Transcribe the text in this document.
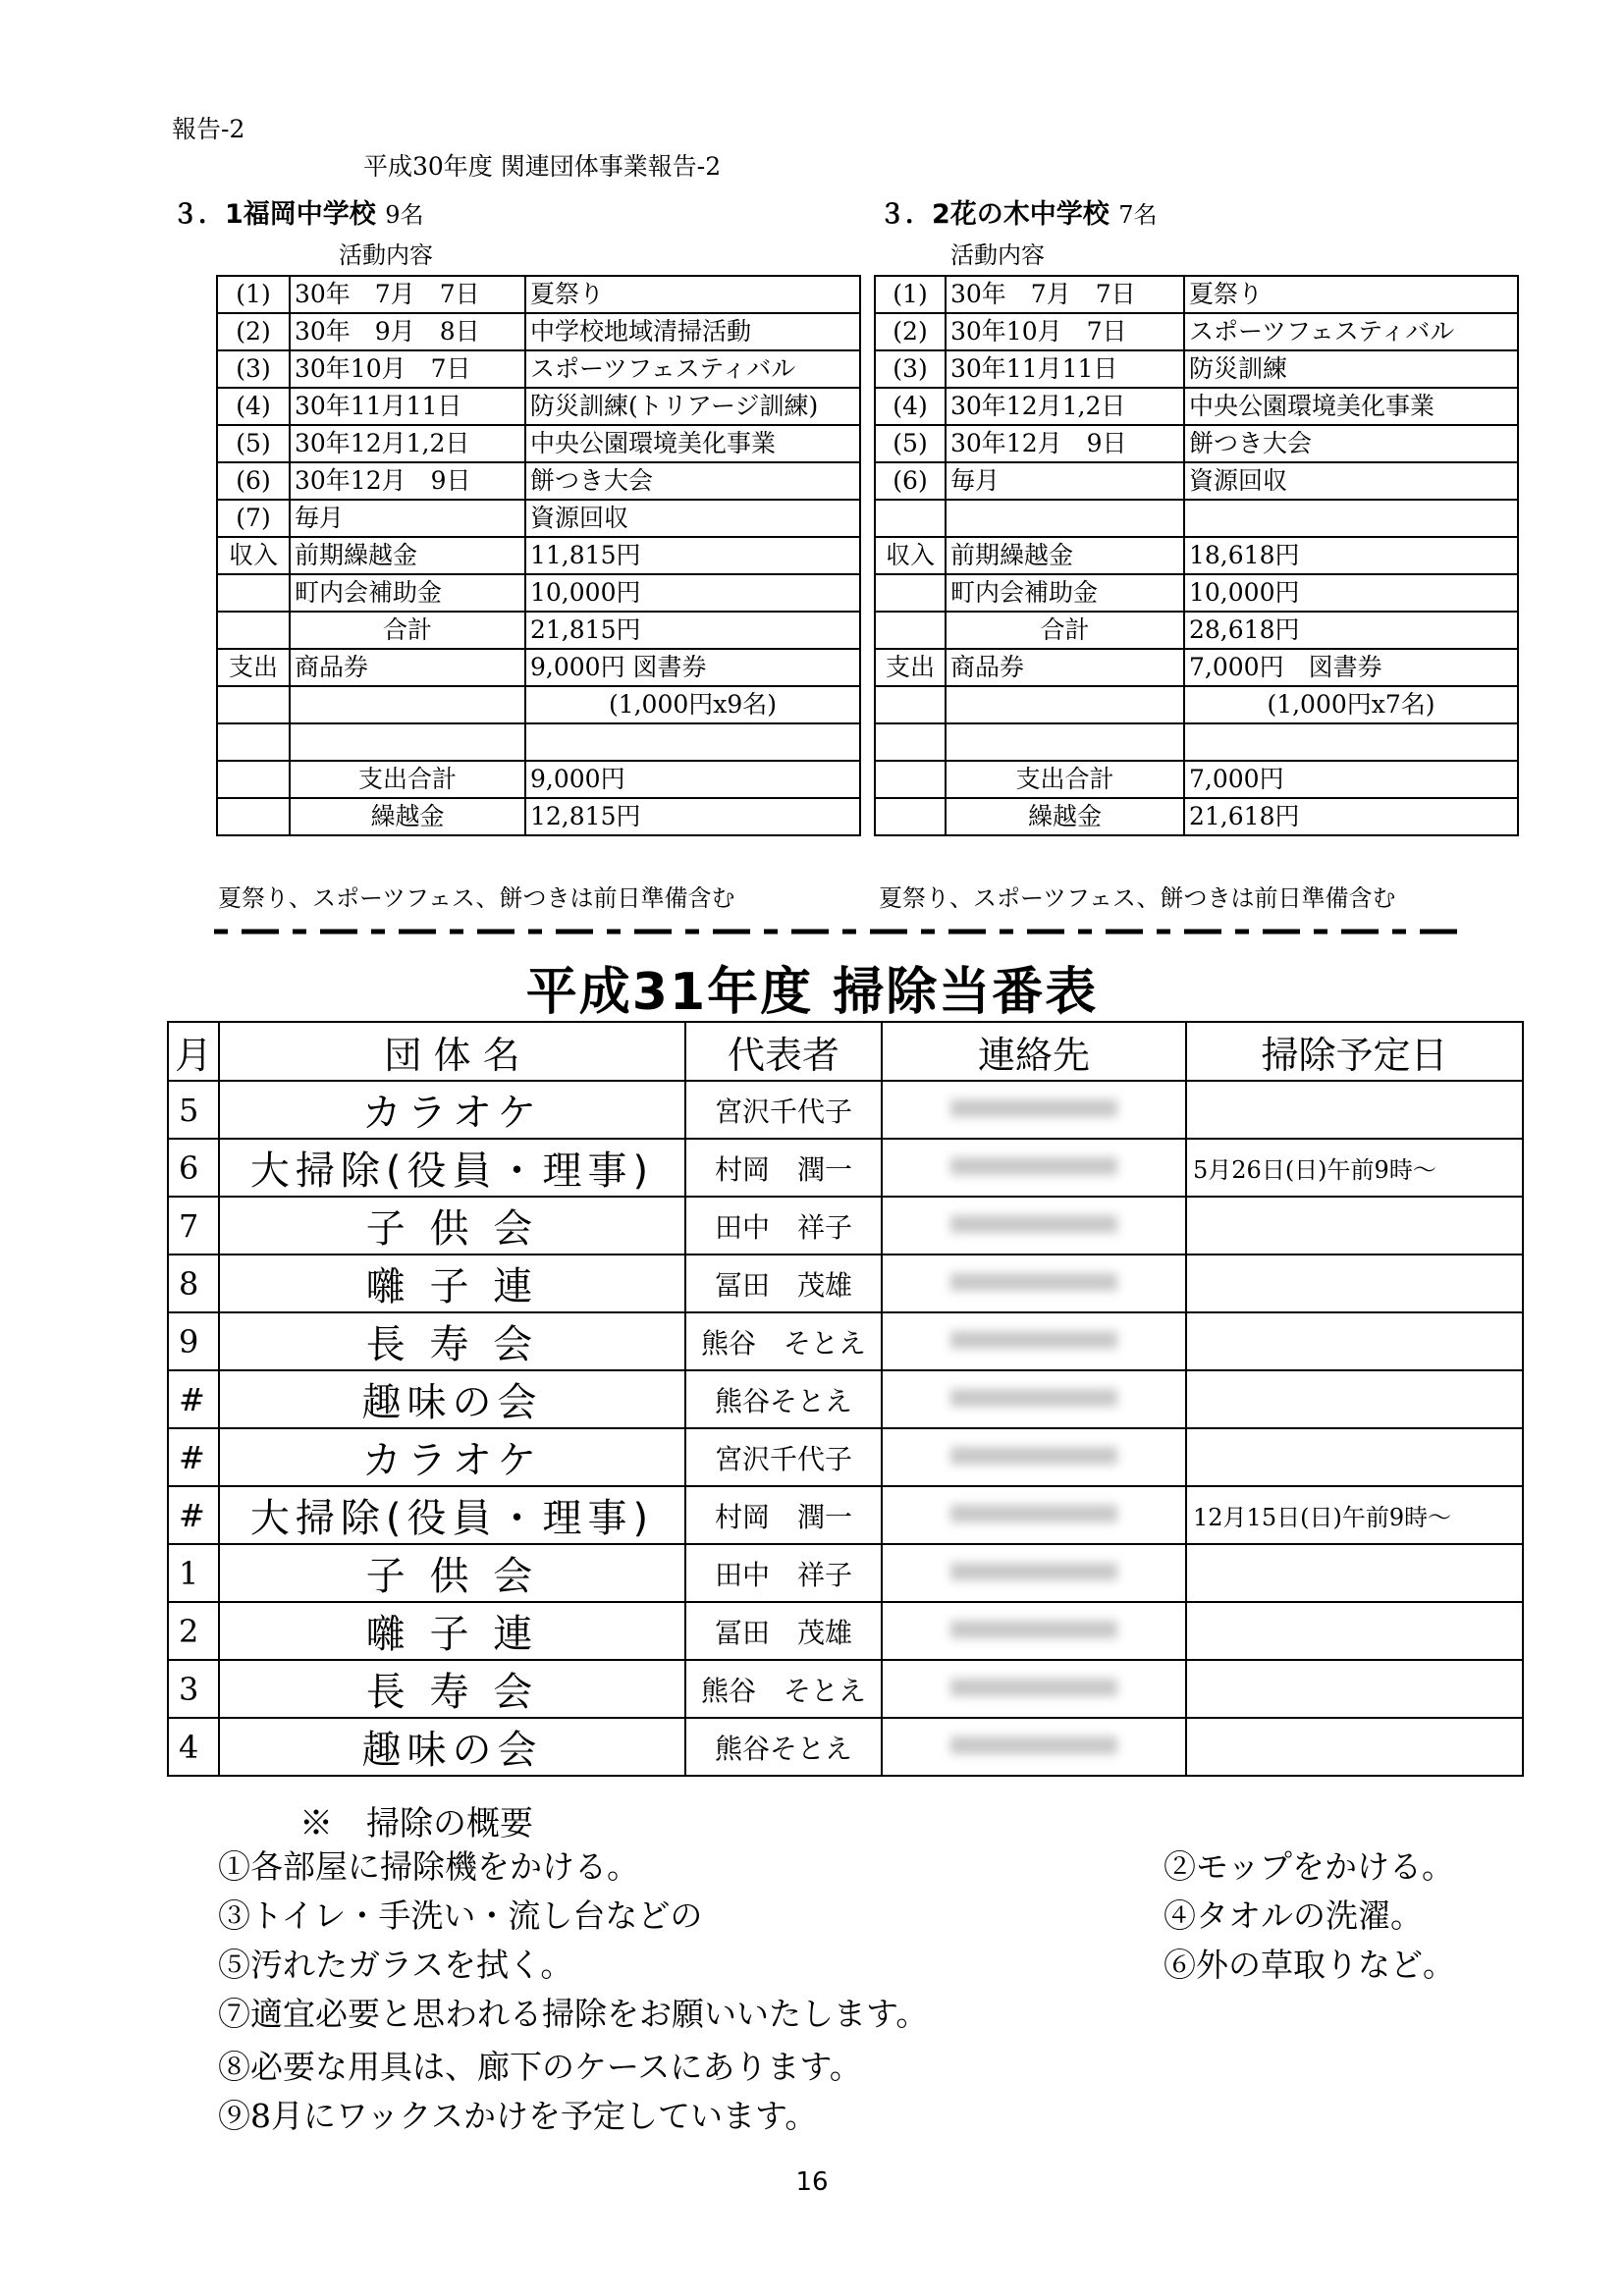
報告-2
平成30年度 関連団体事業報告-2
３．1福岡中学校 9名
活動内容
(1)	30年　7月　7日	夏祭り
(2)	30年　9月　8日	中学校地域清掃活動
(3)	30年10月　7日	スポーツフェスティバル
(4)	30年11月11日	防災訓練(トリアージ訓練)
(5)	30年12月1,2日	中央公園環境美化事業
(6)	30年12月　9日	餅つき大会
(7)	毎月	資源回収
収入	前期繰越金	11,815円
	町内会補助金	10,000円
	合計	21,815円
支出	商品券	9,000円 図書券
		(1,000円x9名)

	支出合計	9,000円
	繰越金	12,815円
夏祭り、スポーツフェス、餅つきは前日準備含む
３．2花の木中学校 7名
活動内容
(1)	30年　7月　7日	夏祭り
(2)	30年10月　7日	スポーツフェスティバル
(3)	30年11月11日	防災訓練
(4)	30年12月1,2日	中央公園環境美化事業
(5)	30年12月　9日	餅つき大会
(6)	毎月	資源回収

収入	前期繰越金	18,618円
	町内会補助金	10,000円
	合計	28,618円
支出	商品券	7,000円　図書券
		(1,000円x7名)

	支出合計	7,000円
	繰越金	21,618円
夏祭り、スポーツフェス、餅つきは前日準備含む
平成31年度 掃除当番表
月	団 体 名	代表者	連絡先	掃除予定日
5	カラオケ	宮沢千代子		
6	大掃除(役員・理事)	村岡　潤一		5月26日(日)午前9時～
7	子 供 会	田中　祥子		
8	囃 子 連	冨田　茂雄		
9	長 寿 会	熊谷　そとえ		
#	趣味の会	熊谷そとえ		
#	カラオケ	宮沢千代子		
#	大掃除(役員・理事)	村岡　潤一		12月15日(日)午前9時～
1	子 供 会	田中　祥子		
2	囃 子 連	冨田　茂雄		
3	長 寿 会	熊谷　そとえ		
4	趣味の会	熊谷そとえ		
※　掃除の概要
16
①各部屋に掃除機をかける。
③トイレ・手洗い・流し台などの
⑤汚れたガラスを拭く。
⑦適宜必要と思われる掃除をお願いいたします。
⑧必要な用具は、廊下のケースにあります。
⑨8月にワックスかけを予定しています。
②モップをかける。
④タオルの洗濯。
⑥外の草取りなど。
